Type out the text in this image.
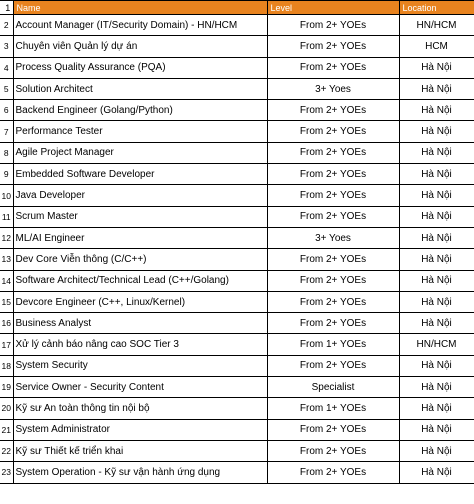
1	Name	Level	Location
2	Account Manager (IT/Security Domain) - HN/HCM	From 2+ YOEs	HN/HCM
3	Chuyên viên Quản lý dự án	From 2+ YOEs	HCM
4	Process Quality Assurance (PQA)	From 2+ YOEs	Hà Nội
5	Solution Architect	3+ Yoes	Hà Nội
6	Backend Engineer (Golang/Python)	From 2+ YOEs	Hà Nội
7	Performance Tester	From 2+ YOEs	Hà Nội
8	Agile Project Manager	From 2+ YOEs	Hà Nội
9	Embedded Software Developer	From 2+ YOEs	Hà Nội
10	Java Developer	From 2+ YOEs	Hà Nội
11	Scrum Master	From 2+ YOEs	Hà Nội
12	ML/AI Engineer	3+ Yoes	Hà Nội
13	Dev Core Viễn thông (C/C++)	From 2+ YOEs	Hà Nội
14	Software Architect/Technical Lead (C++/Golang)	From 2+ YOEs	Hà Nội
15	Devcore Engineer (C++, Linux/Kernel)	From 2+ YOEs	Hà Nội
16	Business Analyst	From 2+ YOEs	Hà Nội
17	Xử lý cảnh báo nâng cao SOC Tier 3	From 1+ YOEs	HN/HCM
18	System Security	From 2+ YOEs	Hà Nội
19	Service Owner - Security Content	Specialist	Hà Nội
20	Kỹ sư An toàn thông tin nội bộ	From 1+ YOEs	Hà Nội
21	System Administrator	From 2+ YOEs	Hà Nội
22	Kỹ sư Thiết kế triển khai	From 2+ YOEs	Hà Nội
23	System Operation - Kỹ sư vận hành ứng dụng	From 2+ YOEs	Hà Nội
